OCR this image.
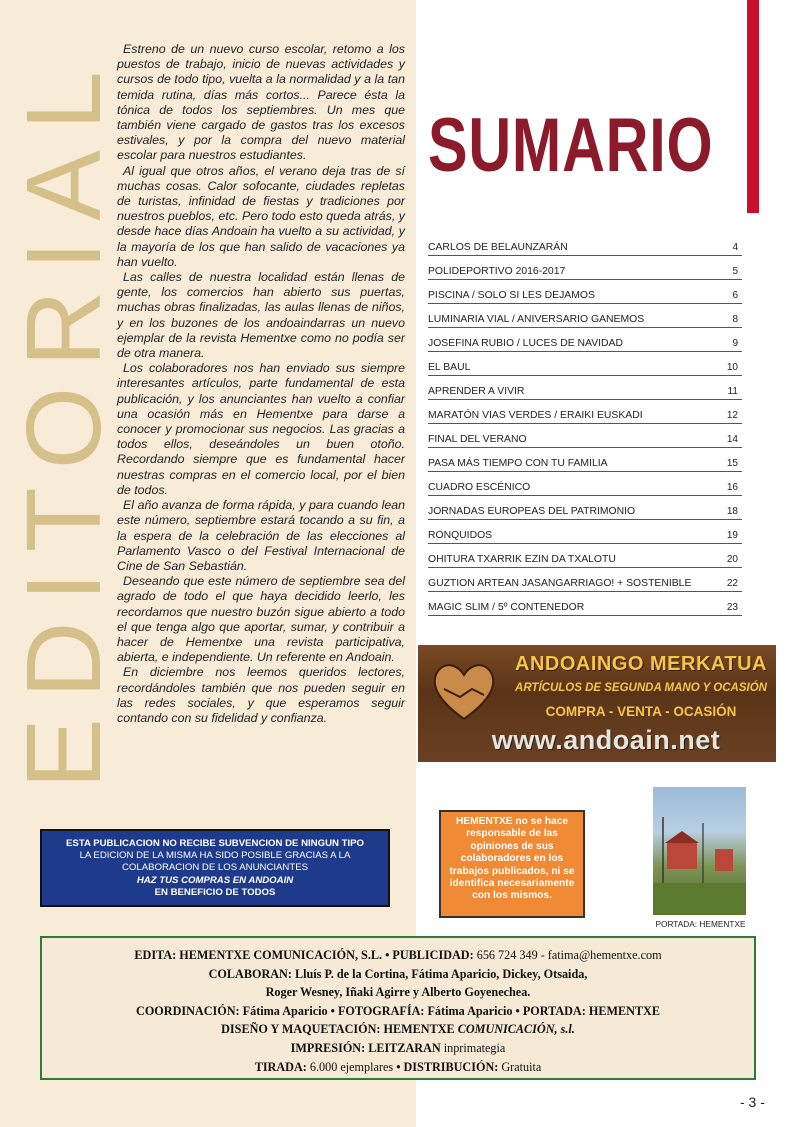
EDITORIAL

Estreno de un nuevo curso escolar, retomo a los puestos de trabajo, inicio de nuevas actividades y cursos de todo tipo, vuelta a la normalidad y a la tan temida rutina, días más cortos... Parece ésta la tónica de todos los septiembres. Un mes que también viene cargado de gastos tras los excesos estivales, y por la compra del nuevo material escolar para nuestros estudiantes.

Al igual que otros años, el verano deja tras de sí muchas cosas. Calor sofocante, ciudades repletas de turistas, infinidad de fiestas y tradiciones por nuestros pueblos, etc. Pero todo esto queda atrás, y desde hace días Andoain ha vuelto a su actividad, y la mayoría de los que han salido de vacaciones ya han vuelto.

Las calles de nuestra localidad están llenas de gente, los comercios han abierto sus puertas, muchas obras finalizadas, las aulas llenas de niños, y en los buzones de los andoaindarras un nuevo ejemplar de la revista Hementxe como no podía ser de otra manera.

Los colaboradores nos han enviado sus siempre interesantes artículos, parte fundamental de esta publicación, y los anunciantes han vuelto a confiar una ocasión más en Hementxe para darse a conocer y promocionar sus negocios. Las gracias a todos ellos, deseándoles un buen otoño. Recordando siempre que es fundamental hacer nuestras compras en el comercio local, por el bien de todos.

El año avanza de forma rápida, y para cuando lean este número, septiembre estará tocando a su fin, a la espera de la celebración de las elecciones al Parlamento Vasco o del Festival Internacional de Cine de San Sebastián.

Deseando que este número de septiembre sea del agrado de todo el que haya decidido leerlo, les recordamos que nuestro buzón sigue abierto a todo el que tenga algo que aportar, sumar, y contribuir a hacer de Hementxe una revista participativa, abierta, e independiente. Un referente en Andoain.

En diciembre nos leemos queridos lectores, recordándoles también que nos pueden seguir en las redes sociales, y que esperamos seguir contando con su fidelidad y confianza.

SUMARIO
CARLOS DE BELAUNZARÁN	4
POLIDEPORTIVO 2016-2017	5
PISCINA / SOLO SI LES DEJAMOS	6
LUMINARIA VIAL / ANIVERSARIO GANEMOS	8
JOSEFINA RUBIO / LUCES DE NAVIDAD	9
EL BAUL	10
APRENDER A VIVIR	11
MARATÓN VIAS VERDES / ERAIKI EUSKADI	12
FINAL DEL VERANO	14
PASA MÁS TIEMPO CON TU FAMILIA	15
CUADRO ESCÉNICO	16
JORNADAS EUROPEAS DEL PATRIMONIO	18
RONQUIDOS	19
OHITURA TXARRIK EZIN DA TXALOTU	20
GUZTION ARTEAN JASANGARRIAGO! + SOSTENIBLE	22
MAGIC SLIM / 5º CONTENEDOR	23
ANDOAINGO MERKATUA
ARTÍCULOS DE SEGUNDA MANO Y OCASIÓN
COMPRA - VENTA - OCASIÓN
www.andoain.net
HEMENTXE no se hace responsable de las opiniones de sus colaboradores en los trabajos publicados, ni se identifica necesariamente con los mismos.
PORTADA: HEMENTXE
ESTA PUBLICACION NO RECIBE SUBVENCION DE NINGUN TIPO
LA EDICION DE LA MISMA HA SIDO POSIBLE GRACIAS A LA
COLABORACION DE LOS ANUNCIANTES
HAZ TUS COMPRAS EN ANDOAIN
EN BENEFICIO DE TODOS
EDITA: HEMENTXE COMUNICACIÓN, S.L. • PUBLICIDAD: 656 724 349 - fatima@hementxe.com
COLABORAN: Lluís P. de la Cortina, Fátima Aparicio, Dickey, Otsaida,
Roger Wesney, Iñaki Agirre y Alberto Goyenechea.
COORDINACIÓN: Fátima Aparicio • FOTOGRAFÍA: Fátima Aparicio • PORTADA: HEMENTXE
DISEÑO Y MAQUETACIÓN: HEMENTXE COMUNICACIÓN, s.l.
IMPRESIÓN: LEITZARAN inprimategia
TIRADA: 6.000 ejemplares • DISTRIBUCIÓN: Gratuita
- 3 -
